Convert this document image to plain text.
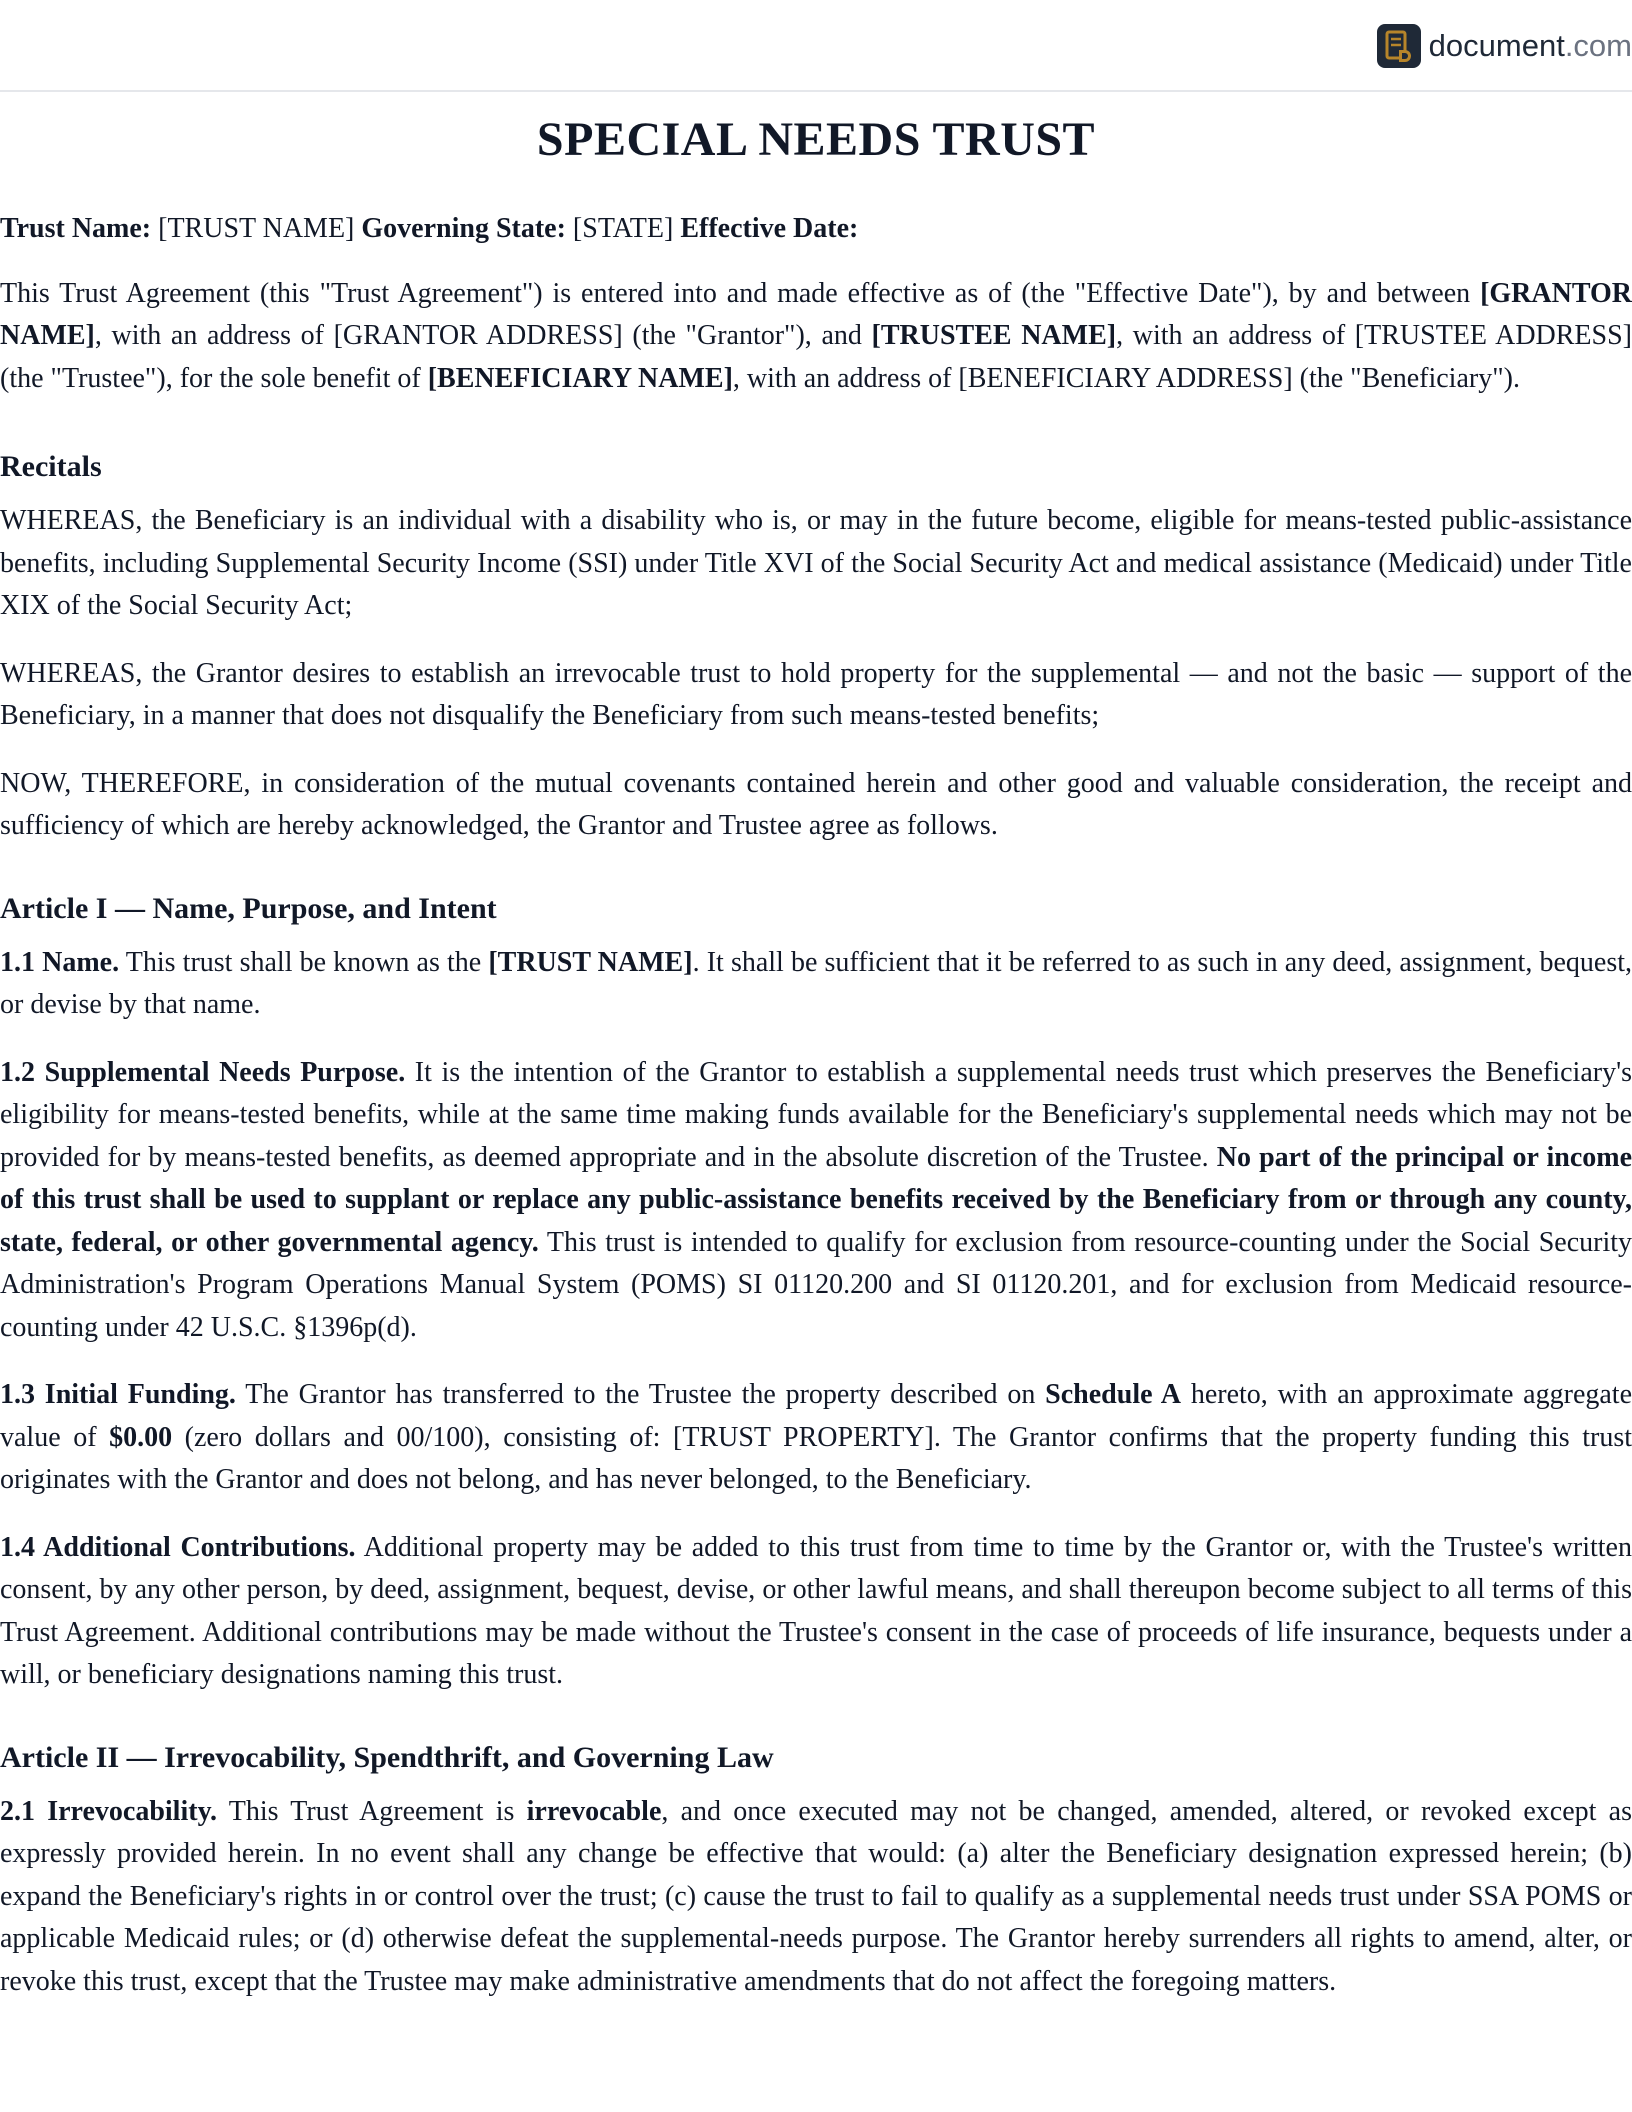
document .com
SPECIAL NEEDS TRUST

Trust Name: [TRUST NAME] Governing State: [STATE] Effective Date:

This Trust Agreement (this "Trust Agreement") is entered into and made effective as of (the "Effective Date"), by and between [GRANTOR NAME], with an address of [GRANTOR ADDRESS] (the "Grantor"), and [TRUSTEE NAME], with an address of [TRUSTEE ADDRESS] (the "Trustee"), for the sole benefit of [BENEFICIARY NAME], with an address of [BENEFICIARY ADDRESS] (the "Beneficiary").

Recitals

WHEREAS, the Beneficiary is an individual with a disability who is, or may in the future become, eligible for means-tested public-assistance benefits, including Supplemental Security Income (SSI) under Title XVI of the Social Security Act and medical assistance (Medicaid) under Title XIX of the Social Security Act;

WHEREAS, the Grantor desires to establish an irrevocable trust to hold property for the supplemental — and not the basic — support of the Beneficiary, in a manner that does not disqualify the Beneficiary from such means-tested benefits;

NOW, THEREFORE, in consideration of the mutual covenants contained herein and other good and valuable consideration, the receipt and sufficiency of which are hereby acknowledged, the Grantor and Trustee agree as follows.

Article I — Name, Purpose, and Intent

1.1 Name. This trust shall be known as the [TRUST NAME]. It shall be sufficient that it be referred to as such in any deed, assignment, bequest, or devise by that name.

1.2 Supplemental Needs Purpose. It is the intention of the Grantor to establish a supplemental needs trust which preserves the Beneficiary's eligibility for means-tested benefits, while at the same time making funds available for the Beneficiary's supplemental needs which may not be provided for by means-tested benefits, as deemed appropriate and in the absolute discretion of the Trustee. No part of the principal or income of this trust shall be used to supplant or replace any public-assistance benefits received by the Beneficiary from or through any county, state, federal, or other governmental agency. This trust is intended to qualify for exclusion from resource-counting under the Social Security Administration's Program Operations Manual System (POMS) SI 01120.200 and SI 01120.201, and for exclusion from Medicaid resource-counting under 42 U.S.C. §1396p(d).

1.3 Initial Funding. The Grantor has transferred to the Trustee the property described on Schedule A hereto, with an approximate aggregate value of $0.00 (zero dollars and 00/100), consisting of: [TRUST PROPERTY]. The Grantor confirms that the property funding this trust originates with the Grantor and does not belong, and has never belonged, to the Beneficiary.

1.4 Additional Contributions. Additional property may be added to this trust from time to time by the Grantor or, with the Trustee's written consent, by any other person, by deed, assignment, bequest, devise, or other lawful means, and shall thereupon become subject to all terms of this Trust Agreement. Additional contributions may be made without the Trustee's consent in the case of proceeds of life insurance, bequests under a will, or beneficiary designations naming this trust.

Article II — Irrevocability, Spendthrift, and Governing Law

2.1 Irrevocability. This Trust Agreement is irrevocable, and once executed may not be changed, amended, altered, or revoked except as expressly provided herein. In no event shall any change be effective that would: (a) alter the Beneficiary designation expressed herein; (b) expand the Beneficiary's rights in or control over the trust; (c) cause the trust to fail to qualify as a supplemental needs trust under SSA POMS or applicable Medicaid rules; or (d) otherwise defeat the supplemental-needs purpose. The Grantor hereby surrenders all rights to amend, alter, or revoke this trust, except that the Trustee may make administrative amendments that do not affect the foregoing matters.
